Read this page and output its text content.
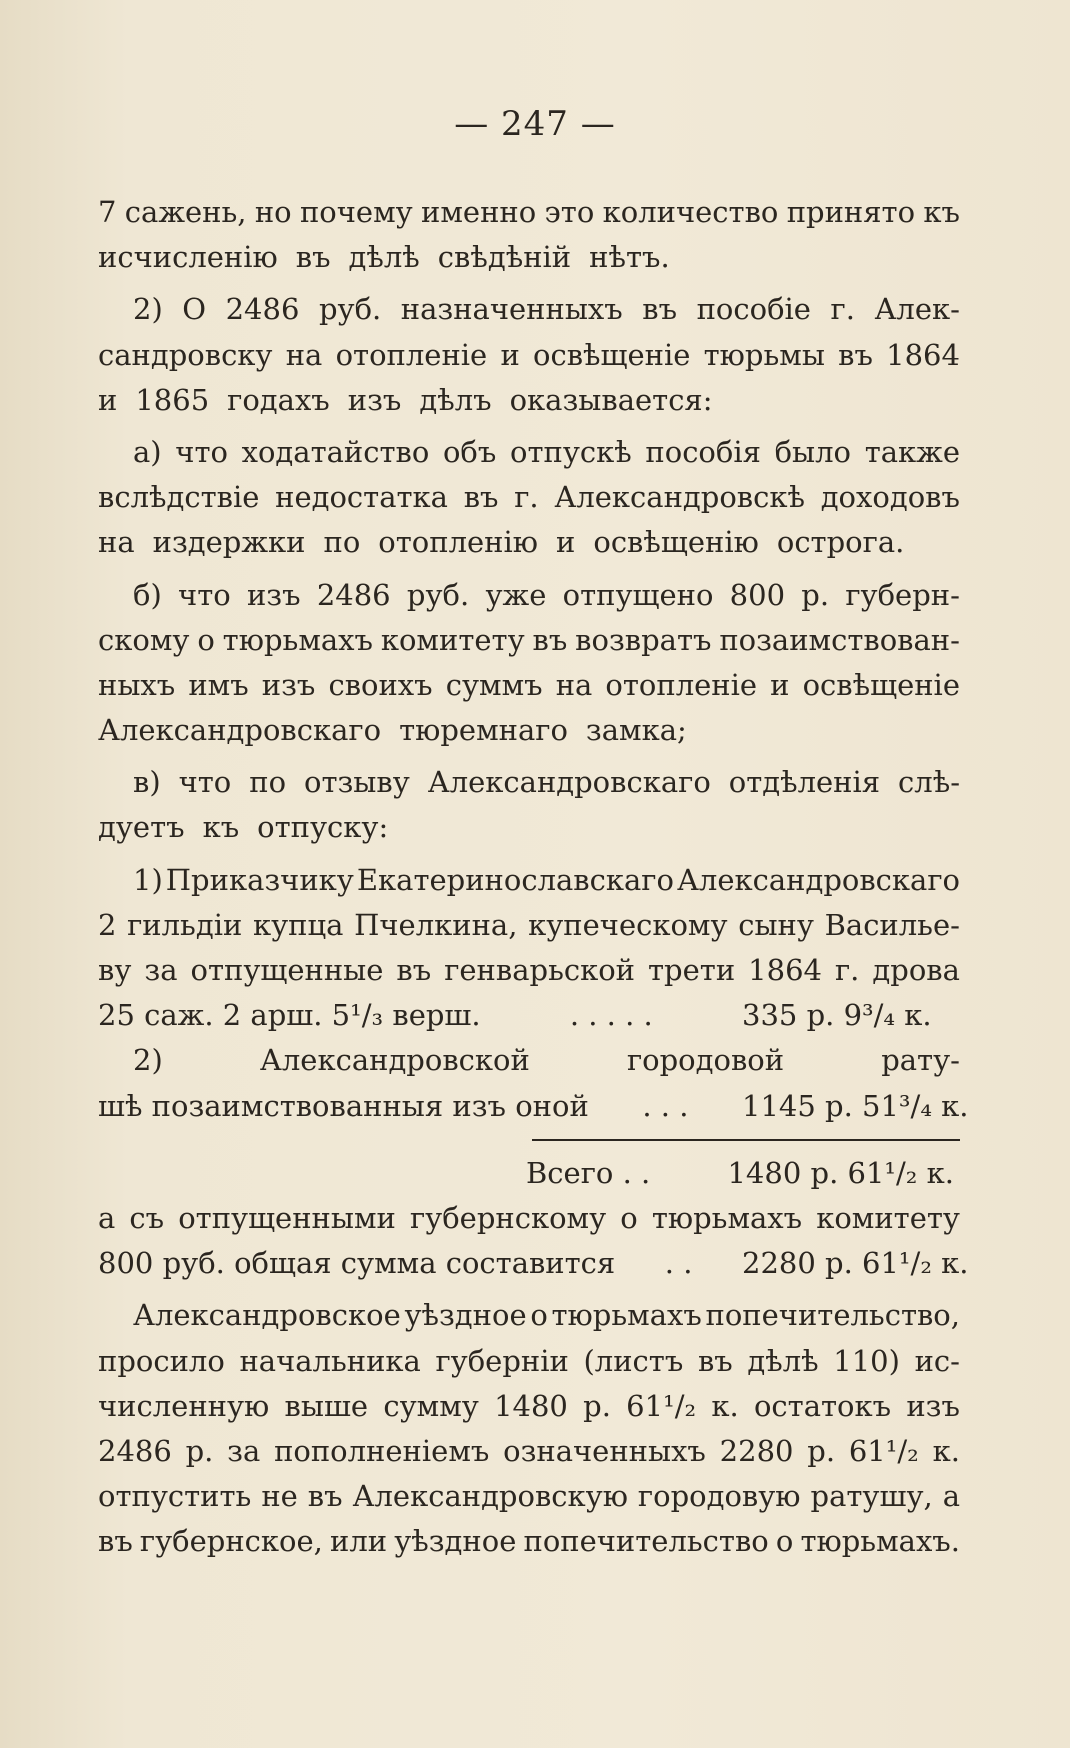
— 247 —
7 сажень, но почему именно это количество принято къ
исчисленію въ дѣлѣ свѣдѣній нѣтъ.
2) О 2486 руб. назначенныхъ въ пособіе г. Алек-
сандровску на отопленіе и освѣщеніе тюрьмы въ 1864
и 1865 годахъ изъ дѣлъ оказывается:
а) что ходатайство объ отпускѣ пособія было также
вслѣдствіе недостатка въ г. Александровскѣ доходовъ
на издержки по отопленію и освѣщенію острога.
б) что изъ 2486 руб. уже отпущено 800 р. губерн-
скому о тюрьмахъ комитету въ возвратъ позаимствован-
ныхъ имъ изъ своихъ суммъ на отопленіе и освѣщеніе
Александровскаго тюремнаго замка;
в) что по отзыву Александровскаго отдѣленія слѣ-
дуетъ къ отпуску:
1) Приказчику Екатеринославскаго Александровскаго
2 гильдіи купца Пчелкина, купеческому сыну Василье-
ву за отпущенные въ генварьской трети 1864 г. дрова
25 саж. 2 арш. 5¹/₃ верш.	. . . . .	335 р. 9³/₄ к.
2)	Александровской	городовой	рату-
шѣ позаимствованныя изъ оной	. . .	1145 р. 51³/₄ к.
Всего . .	1480 р. 61¹/₂ к.
а съ отпущенными губернскому о тюрьмахъ комитету
800 руб. общая сумма составится	. .	2280 р. 61¹/₂ к.
Александровское уѣздное о тюрьмахъ попечительство,
просило начальника губерніи (листъ въ дѣлѣ 110) ис-
численную выше сумму 1480 р. 61¹/₂ к. остатокъ изъ
2486 р. за пополненіемъ означенныхъ 2280 р. 61¹/₂ к.
отпустить не въ Александровскую городовую ратушу, а
въ губернское, или уѣздное попечительство о тюрьмахъ.
